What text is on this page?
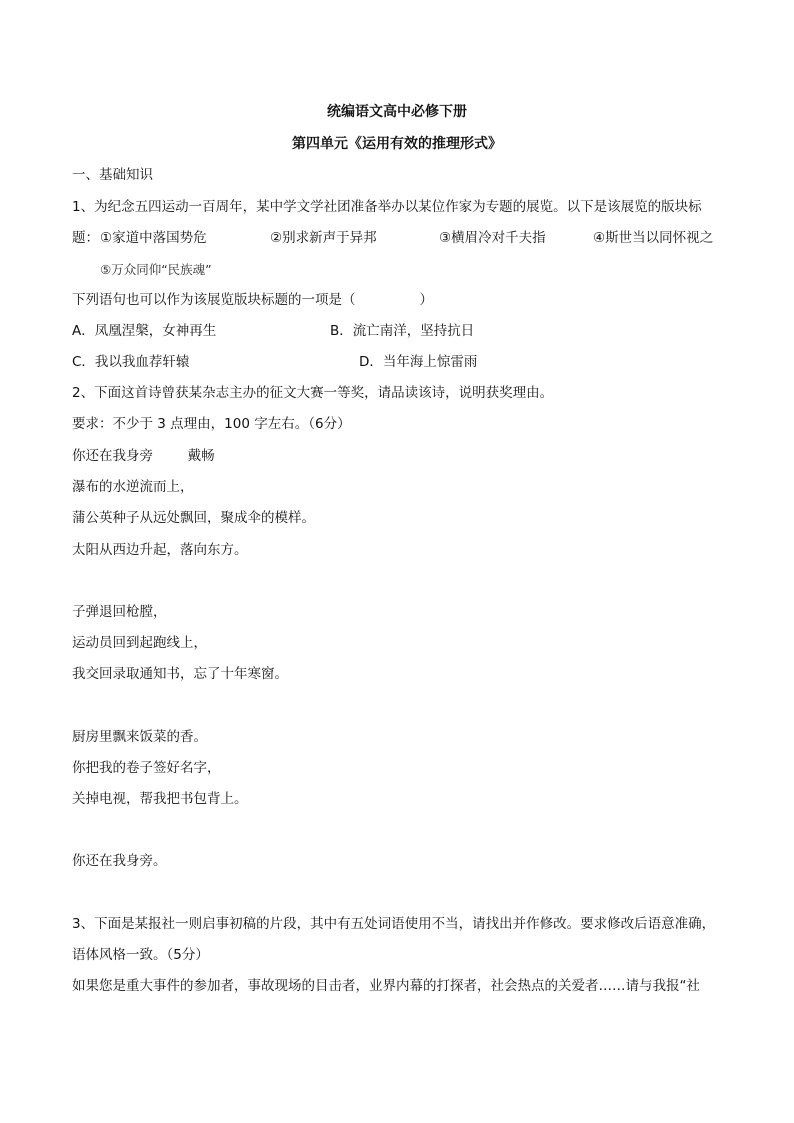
统编语文高中必修下册
第四单元《运用有效的推理形式》
一、基础知识
1、为纪念五四运动一百周年，某中学文学社团准备举办以某位作家为专题的展览。以下是该展览的版块标
题： ①家道中落国势危	②别求新声于异邦	③横眉冷对千夫指	④斯世当以同怀视之
⑤万众同仰“民族魂”
下列语句也可以作为该展览版块标题的一项是（	）
A．凤凰涅槃，女神再生	B．流亡南洋，坚持抗日
C．我以我血荐轩辕	D．当年海上惊雷雨
2、下面这首诗曾获某杂志主办的征文大赛一等奖，请品读该诗，说明获奖理由。
要求：不少于 3 点理由，100 字左右。（6分）
你还在我身旁	戴畅
瀑布的水逆流而上，
蒲公英种子从远处飘回，聚成伞的模样。
太阳从西边升起，落向东方。
子弹退回枪膛，
运动员回到起跑线上，
我交回录取通知书，忘了十年寒窗。
厨房里飘来饭菜的香。
你把我的卷子签好名字，
关掉电视，帮我把书包背上。
你还在我身旁。
3、下面是某报社一则启事初稿的片段，其中有五处词语使用不当，请找出并作修改。要求修改后语意准确，
语体风格一致。（5分）
如果您是重大事件的参加者，事故现场的目击者，业界内幕的打探者，社会热点的关爱者……请与我报“社
